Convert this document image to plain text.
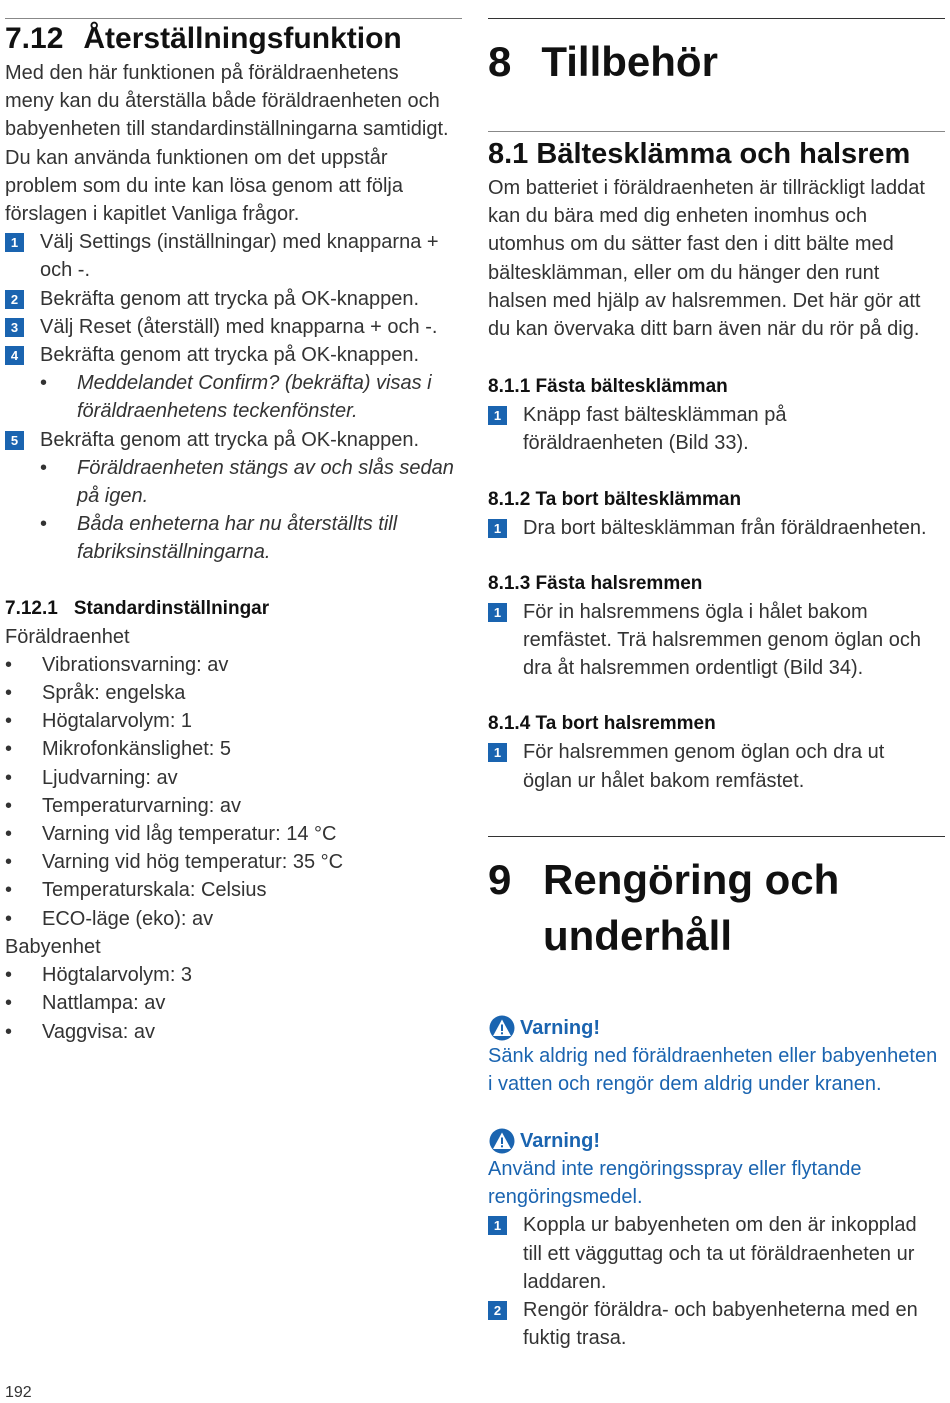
7.12 Återställningsfunktion

Med den här funktionen på föräldraenhetens meny kan du återställa både föräldraenheten och babyenheten till standardinställningarna samtidigt. Du kan använda funktionen om det uppstår problem som du inte kan lösa genom att följa förslagen i kapitlet Vanliga frågor.

1 Välj Settings (inställningar) med knapparna + och -.
2 Bekräfta genom att trycka på OK-knappen.
3 Välj Reset (återställ) med knapparna + och -.
4 Bekräfta genom att trycka på OK-knappen.
•	Meddelandet Confirm? (bekräfta) visas i föräldraenhetens teckenfönster.
5 Bekräfta genom att trycka på OK-knappen.
•	Föräldraenheten stängs av och slås sedan på igen.
•	Båda enheterna har nu återställts till fabriksinställningarna.

7.12.1 Standardinställningar

Föräldraenhet

•	Vibrationsvarning: av
•	Språk: engelska
•	Högtalarvolym: 1
•	Mikrofonkänslighet: 5
•	Ljudvarning: av
•	Temperaturvarning: av
•	Varning vid låg temperatur: 14 °C
•	Varning vid hög temperatur: 35 °C
•	Temperaturskala: Celsius
•	ECO-läge (eko): av

Babyenhet

•	Högtalarvolym: 3
•	Nattlampa: av
•	Vaggvisa: av

8 Tillbehör

8.1 Bältesklämma och halsrem

Om batteriet i föräldraenheten är tillräckligt laddat kan du bära med dig enheten inomhus och utomhus om du sätter fast den i ditt bälte med bältesklämman, eller om du hänger den runt halsen med hjälp av halsremmen. Det här gör att du kan övervaka ditt barn även när du rör på dig.

8.1.1 Fästa bältesklämman

1 Knäpp fast bältesklämman på föräldraenheten (Bild 33).

8.1.2 Ta bort bältesklämman

1 Dra bort bältesklämman från föräldraenheten.

8.1.3 Fästa halsremmen

1 För in halsremmens ögla i hålet bakom remfästet. Trä halsremmen genom öglan och dra åt halsremmen ordentligt (Bild 34).

8.1.4 Ta bort halsremmen

1 För halsremmen genom öglan och dra ut öglan ur hålet bakom remfästet.
9 Rengöring och
underhåll
Varning!

Sänk aldrig ned föräldraenheten eller babyenheten i vatten och rengör dem aldrig under kranen.

Varning!

Använd inte rengöringsspray eller flytande rengöringsmedel.

1 Koppla ur babyenheten om den är inkopplad till ett vägguttag och ta ut föräldraenheten ur laddaren.
2 Rengör föräldra- och babyenheterna med en fuktig trasa.
192
